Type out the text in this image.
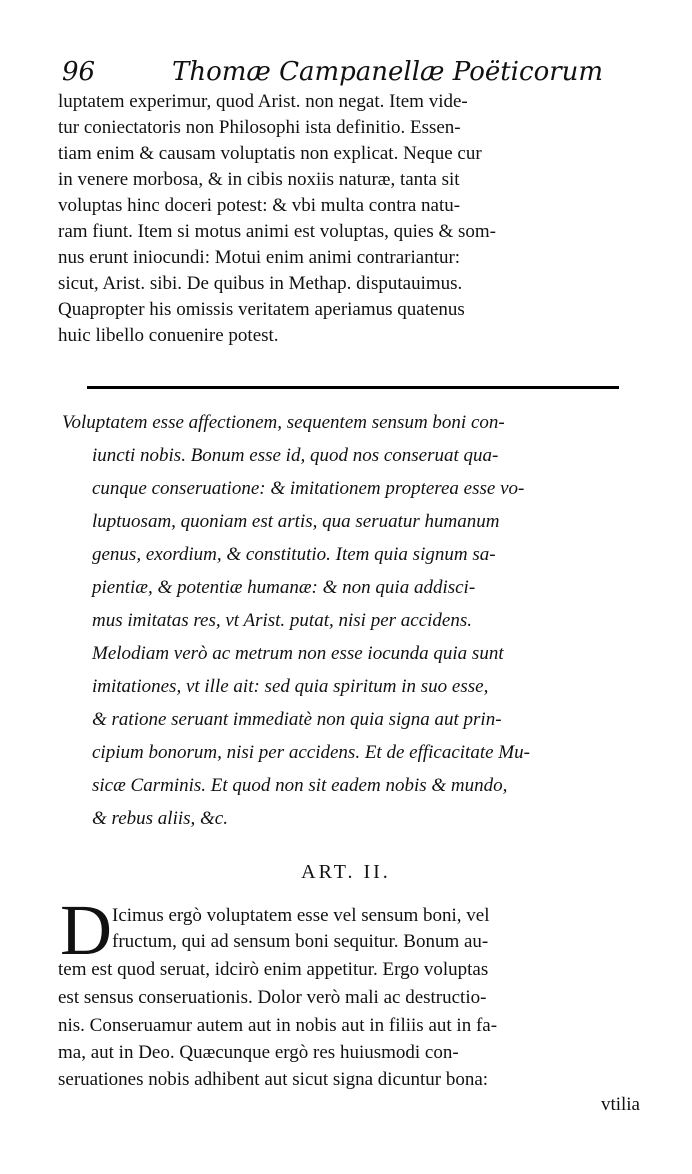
96	Thomæ Campanellæ Poëticorum
luptatem experimur, quod Arist. non negat. Item vide-
tur coniectatoris non Philosophi ista definitio. Essen-
tiam enim & causam voluptatis non explicat. Neque cur
in venere morbosa, & in cibis noxiis naturæ, tanta sit
voluptas hinc doceri potest: & vbi multa contra natu-
ram fiunt. Item si motus animi est voluptas, quies & som-
nus erunt iniocundi: Motui enim animi contrariantur:
sicut, Arist. sibi. De quibus in Methap. disputauimus.
Quapropter his omissis veritatem aperiamus quatenus
huic libello conuenire potest.
Voluptatem esse affectionem, sequentem sensum boni con-
iuncti nobis. Bonum esse id, quod nos conseruat qua-
cunque conseruatione: & imitationem propterea esse vo-
luptuosam, quoniam est artis, qua seruatur humanum
genus, exordium, & constitutio. Item quia signum sa-
pientiæ, & potentiæ humanæ: & non quia addisci-
mus imitatas res, vt Arist. putat, nisi per accidens.
Melodiam verò ac metrum non esse iocunda quia sunt
imitationes, vt ille ait: sed quia spiritum in suo esse,
& ratione seruant immediatè non quia signa aut prin-
cipium bonorum, nisi per accidens. Et de efficacitate Mu-
sicæ Carminis. Et quod non sit eadem nobis & mundo,
& rebus aliis, &c.
ART. II.
D Icimus ergò voluptatem esse vel sensum boni, vel
fructum, qui ad sensum boni sequitur. Bonum au-
tem est quod seruat, idcirò enim appetitur. Ergo voluptas
est sensus conseruationis. Dolor verò mali ac destructio-
nis. Conseruamur autem aut in nobis aut in filiis aut in fa-
ma, aut in Deo. Quæcunque ergò res huiusmodi con-
seruationes nobis adhibent aut sicut signa dicuntur bona:
vtilia
